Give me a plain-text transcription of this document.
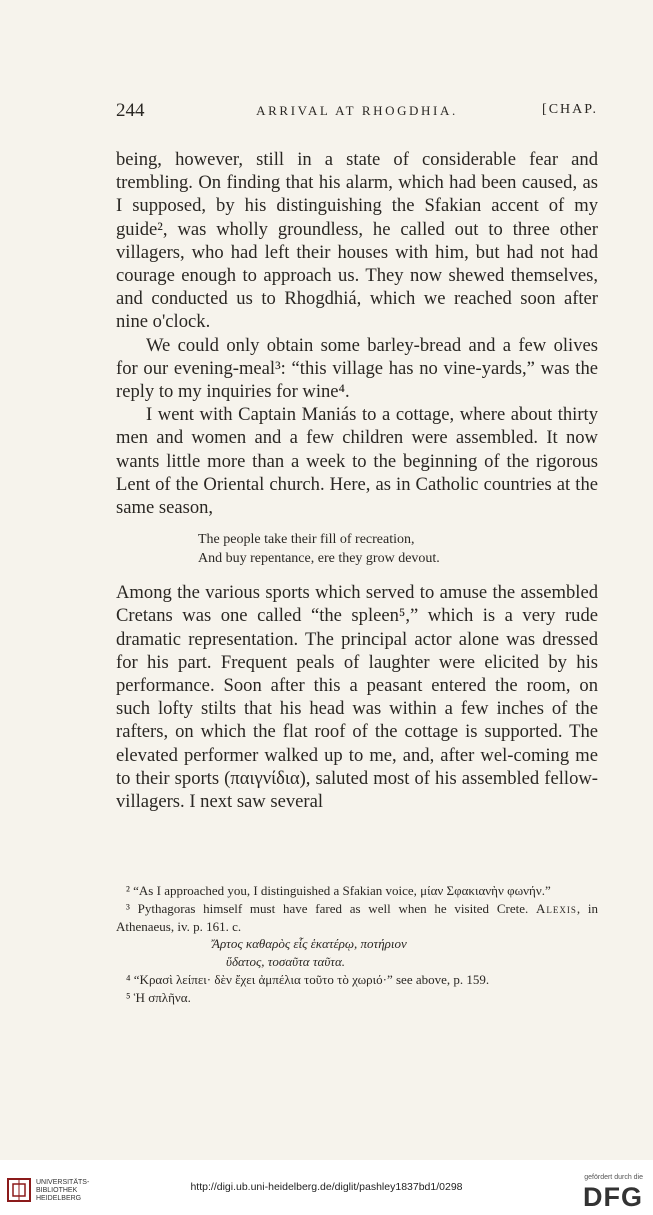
244	ARRIVAL AT RHOGDHIA.	[CHAP.

being, however, still in a state of considerable fear and trembling. On finding that his alarm, which had been caused, as I supposed, by his distinguishing the Sfakian accent of my guide², was wholly groundless, he called out to three other villagers, who had left their houses with him, but had not had courage enough to approach us. They now shewed themselves, and conducted us to Rhogdhiá, which we reached soon after nine o'clock.

We could only obtain some barley-bread and a few olives for our evening-meal³: “this village has no vine-yards,” was the reply to my inquiries for wine⁴.

I went with Captain Maniás to a cottage, where about thirty men and women and a few children were assembled. It now wants little more than a week to the beginning of the rigorous Lent of the Oriental church. Here, as in Catholic countries at the same season,

The people take their fill of recreation,
And buy repentance, ere they grow devout.

Among the various sports which served to amuse the assembled Cretans was one called “the spleen⁵,” which is a very rude dramatic representation. The principal actor alone was dressed for his part. Frequent peals of laughter were elicited by his performance. Soon after this a peasant entered the room, on such lofty stilts that his head was within a few inches of the rafters, on which the flat roof of the cottage is supported. The elevated performer walked up to me, and, after wel-coming me to their sports (παιγνίδια), saluted most of his assembled fellow-villagers. I next saw several

² “As I approached you, I distinguished a Sfakian voice, μίαν Σφακιανὴν φωνήν.”

³ Pythagoras himself must have fared as well when he visited Crete. Alexis, in Athenaeus, iv. p. 161. c.

Ἄρτος καθαρὸς εἷς ἑκατέρῳ, ποτήριον

ὕδατος, τοσαῦτα ταῦτα.

⁴ “Κρασὶ λείπει· δὲν ἔχει ἀμπέλια τοῦτο τὸ χωριό·” see above, p. 159.

⁵ Ἡ σπλῆνα.

UNIVERSITÄTS-
BIBLIOTHEK
HEIDELBERG
http://digi.ub.uni-heidelberg.de/diglit/pashley1837bd1/0298
gefördert durch die
DFG
